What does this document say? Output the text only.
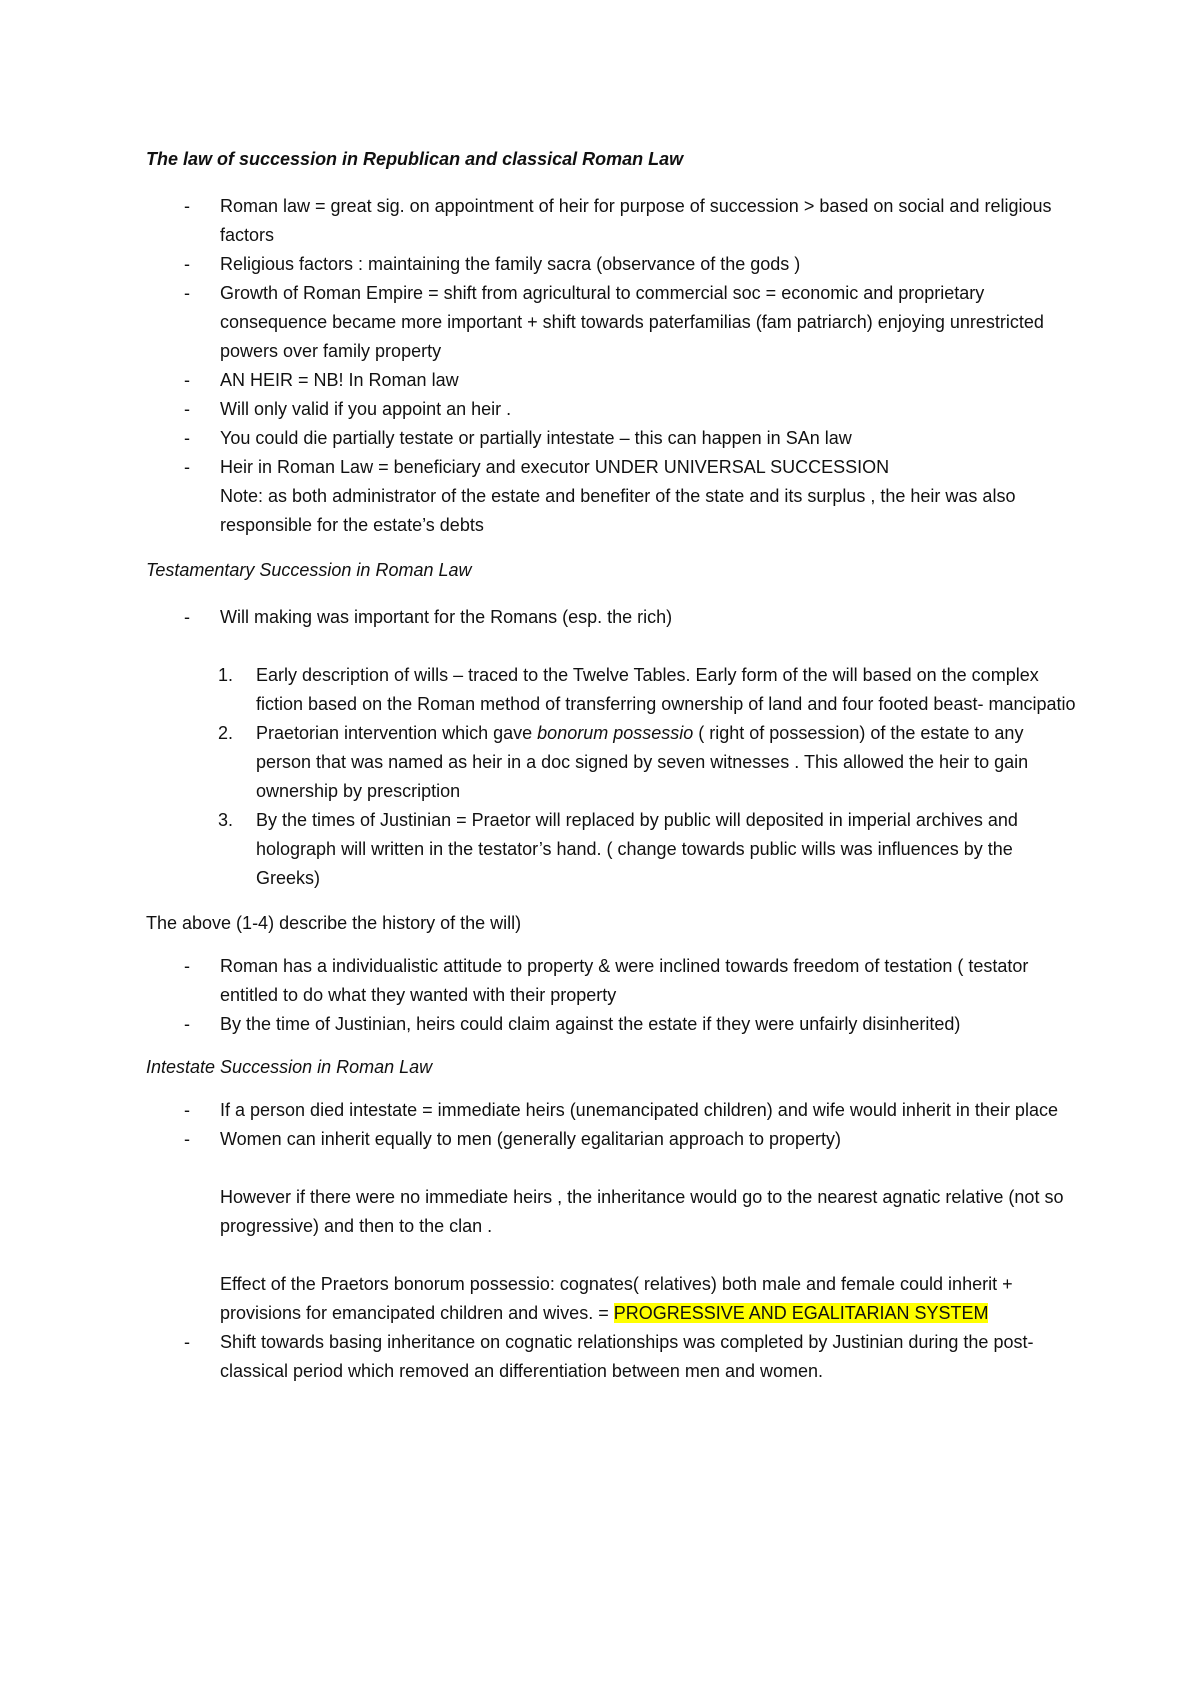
The law of succession in Republican and classical Roman Law

- Roman law = great sig. on appointment of heir for purpose of succession > based on social and religious factors
- Religious factors : maintaining the family sacra (observance of the gods )
- Growth of Roman Empire = shift from agricultural to commercial soc = economic and proprietary consequence became more important + shift towards paterfamilias (fam patriarch) enjoying unrestricted powers over family property
- AN HEIR = NB! In Roman law
- Will only valid if you appoint an heir .
- You could die partially testate or partially intestate – this can happen in SAn law
- Heir in Roman Law = beneficiary and executor UNDER UNIVERSAL SUCCESSION
Note: as both administrator of the estate and benefiter of the state and its surplus , the heir was also responsible for the estate’s debts

Testamentary Succession in Roman Law

- Will making was important for the Romans (esp. the rich)
1. Early description of wills – traced to the Twelve Tables. Early form of the will based on the complex fiction based on the Roman method of transferring ownership of land and four footed beast- mancipatio
2. Praetorian intervention which gave bonorum possessio ( right of possession) of the estate to any person that was named as heir in a doc signed by seven witnesses . This allowed the heir to gain ownership by prescription
3. By the times of Justinian = Praetor will replaced by public will deposited in imperial archives and holograph will written in the testator’s hand. ( change towards public wills was influences by the Greeks)

The above (1-4) describe the history of the will)

- Roman has a individualistic attitude to property & were inclined towards freedom of testation ( testator entitled to do what they wanted with their property
- By the time of Justinian, heirs could claim against the estate if they were unfairly disinherited)

Intestate Succession in Roman Law

- If a person died intestate = immediate heirs (unemancipated children) and wife would inherit in their place
- Women can inherit equally to men (generally egalitarian approach to property)
However if there were no immediate heirs , the inheritance would go to the nearest agnatic relative (not so progressive) and then to the clan .
Effect of the Praetors bonorum possessio: cognates( relatives) both male and female could inherit + provisions for emancipated children and wives. = PROGRESSIVE AND EGALITARIAN SYSTEM
- Shift towards basing inheritance on cognatic relationships was completed by Justinian during the post-classical period which removed an differentiation between men and women.
